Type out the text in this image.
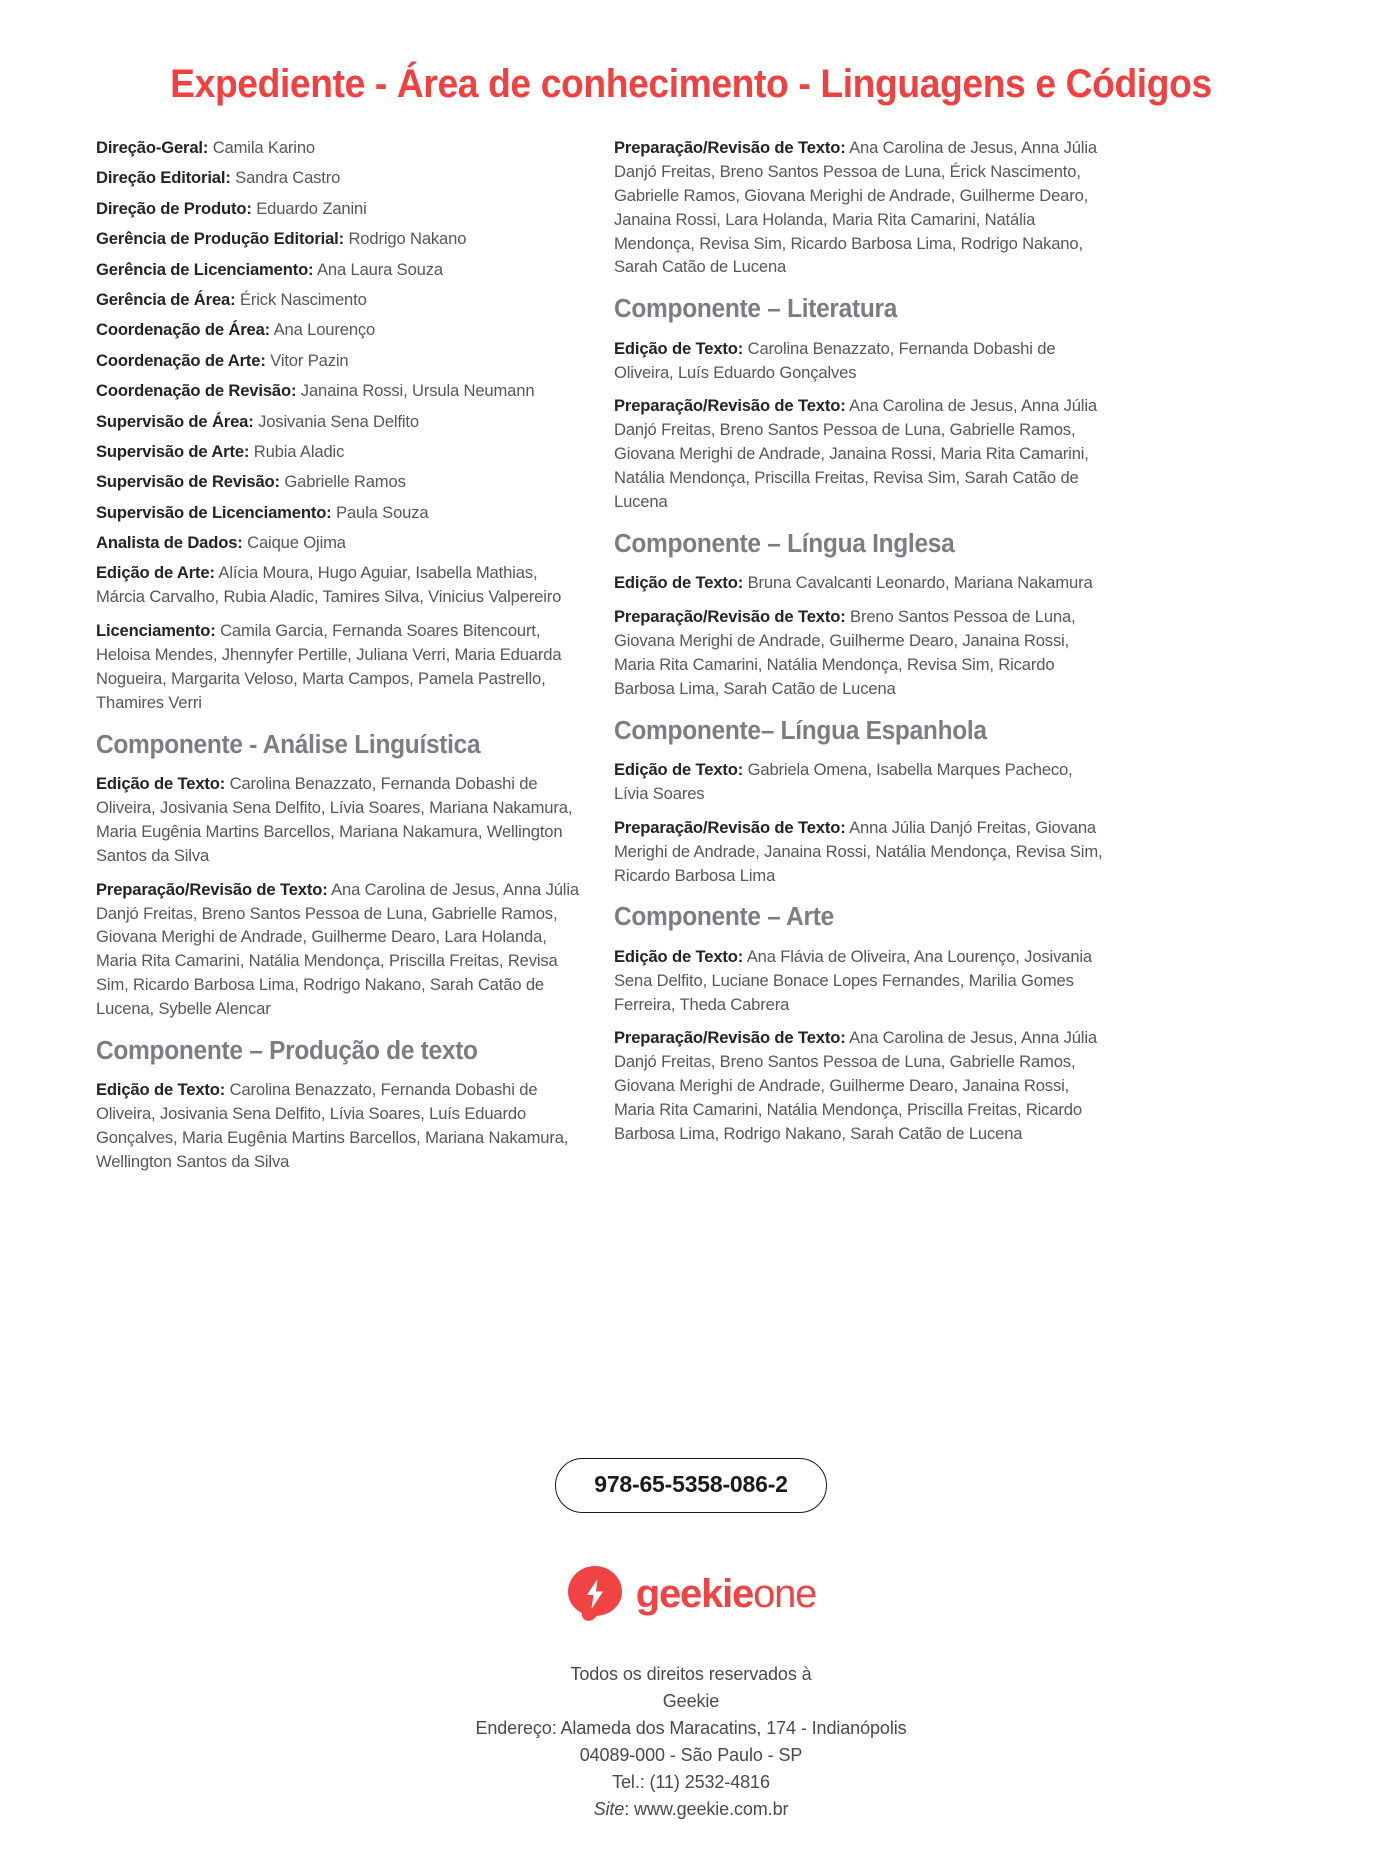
Expediente - Área de conhecimento - Linguagens e Códigos

Direção-Geral: Camila Karino

Direção Editorial: Sandra Castro

Direção de Produto: Eduardo Zanini

Gerência de Produção Editorial: Rodrigo Nakano

Gerência de Licenciamento: Ana Laura Souza

Gerência de Área: Érick Nascimento

Coordenação de Área: Ana Lourenço

Coordenação de Arte: Vitor Pazin

Coordenação de Revisão: Janaina Rossi, Ursula Neumann

Supervisão de Área: Josivania Sena Delfito

Supervisão de Arte: Rubia Aladic

Supervisão de Revisão: Gabrielle Ramos

Supervisão de Licenciamento: Paula Souza

Analista de Dados: Caique Ojima

Edição de Arte: Alícia Moura, Hugo Aguiar, Isabella Mathias, Márcia Carvalho, Rubia Aladic, Tamires Silva, Vinicius Valpereiro

Licenciamento: Camila Garcia, Fernanda Soares Bitencourt, Heloisa Mendes, Jhennyfer Pertille, Juliana Verri, Maria Eduarda Nogueira, Margarita Veloso, Marta Campos, Pamela Pastrello, Thamires Verri

Componente - Análise Linguística

Edição de Texto: Carolina Benazzato, Fernanda Dobashi de Oliveira, Josivania Sena Delfito, Lívia Soares, Mariana Nakamura, Maria Eugênia Martins Barcellos, Mariana Nakamura, Wellington Santos da Silva

Preparação/Revisão de Texto: Ana Carolina de Jesus, Anna Júlia Danjó Freitas, Breno Santos Pessoa de Luna, Gabrielle Ramos, Giovana Merighi de Andrade, Guilherme Dearo, Lara Holanda, Maria Rita Camarini, Natália Mendonça, Priscilla Freitas, Revisa Sim, Ricardo Barbosa Lima, Rodrigo Nakano, Sarah Catão de Lucena, Sybelle Alencar

Componente – Produção de texto

Edição de Texto: Carolina Benazzato, Fernanda Dobashi de Oliveira, Josivania Sena Delfito, Lívia Soares, Luís Eduardo Gonçalves, Maria Eugênia Martins Barcellos, Mariana Nakamura, Wellington Santos da Silva

Preparação/Revisão de Texto: Ana Carolina de Jesus, Anna Júlia Danjó Freitas, Breno Santos Pessoa de Luna, Érick Nascimento, Gabrielle Ramos, Giovana Merighi de Andrade, Guilherme Dearo, Janaina Rossi, Lara Holanda, Maria Rita Camarini, Natália Mendonça, Revisa Sim, Ricardo Barbosa Lima, Rodrigo Nakano, Sarah Catão de Lucena

Componente – Literatura

Edição de Texto: Carolina Benazzato, Fernanda Dobashi de Oliveira, Luís Eduardo Gonçalves

Preparação/Revisão de Texto: Ana Carolina de Jesus, Anna Júlia Danjó Freitas, Breno Santos Pessoa de Luna, Gabrielle Ramos, Giovana Merighi de Andrade, Janaina Rossi, Maria Rita Camarini, Natália Mendonça, Priscilla Freitas, Revisa Sim, Sarah Catão de Lucena

Componente – Língua Inglesa

Edição de Texto: Bruna Cavalcanti Leonardo, Mariana Nakamura

Preparação/Revisão de Texto: Breno Santos Pessoa de Luna, Giovana Merighi de Andrade, Guilherme Dearo, Janaina Rossi, Maria Rita Camarini, Natália Mendonça, Revisa Sim, Ricardo Barbosa Lima, Sarah Catão de Lucena

Componente– Língua Espanhola

Edição de Texto: Gabriela Omena, Isabella Marques Pacheco, Lívia Soares

Preparação/Revisão de Texto: Anna Júlia Danjó Freitas, Giovana Merighi de Andrade, Janaina Rossi, Natália Mendonça, Revisa Sim, Ricardo Barbosa Lima

Componente – Arte

Edição de Texto: Ana Flávia de Oliveira, Ana Lourenço, Josivania Sena Delfito, Luciane Bonace Lopes Fernandes, Marilia Gomes Ferreira, Theda Cabrera

Preparação/Revisão de Texto: Ana Carolina de Jesus, Anna Júlia Danjó Freitas, Breno Santos Pessoa de Luna, Gabrielle Ramos, Giovana Merighi de Andrade, Guilherme Dearo, Janaina Rossi, Maria Rita Camarini, Natália Mendonça, Priscilla Freitas, Ricardo Barbosa Lima, Rodrigo Nakano, Sarah Catão de Lucena

978-65-5358-086-2
geekieone
Todos os direitos reservados à
Geekie
Endereço: Alameda dos Maracatins, 174 - Indianópolis
04089-000 - São Paulo - SP
Tel.: (11) 2532-4816
Site: www.geekie.com.br
